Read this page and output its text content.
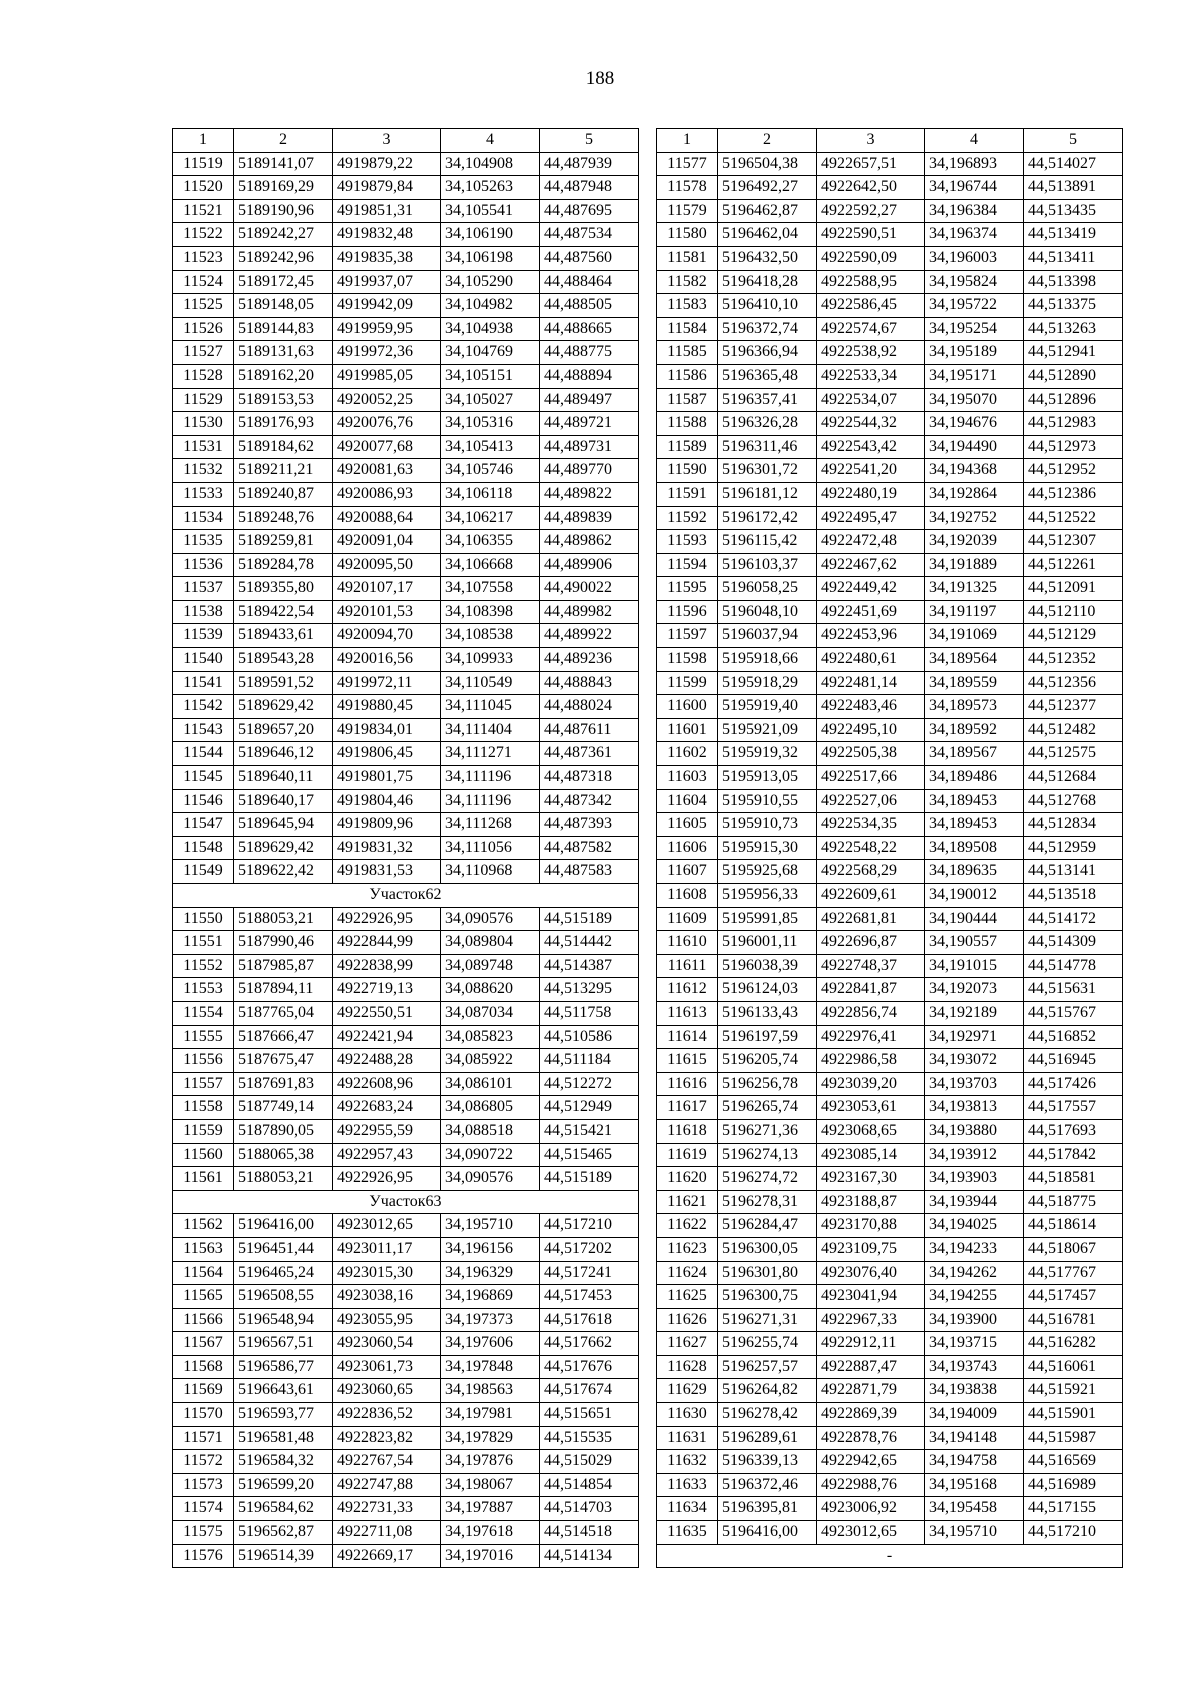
188
1	2	3	4	5
11519	5189141,07	4919879,22	34,104908	44,487939
11520	5189169,29	4919879,84	34,105263	44,487948
11521	5189190,96	4919851,31	34,105541	44,487695
11522	5189242,27	4919832,48	34,106190	44,487534
11523	5189242,96	4919835,38	34,106198	44,487560
11524	5189172,45	4919937,07	34,105290	44,488464
11525	5189148,05	4919942,09	34,104982	44,488505
11526	5189144,83	4919959,95	34,104938	44,488665
11527	5189131,63	4919972,36	34,104769	44,488775
11528	5189162,20	4919985,05	34,105151	44,488894
11529	5189153,53	4920052,25	34,105027	44,489497
11530	5189176,93	4920076,76	34,105316	44,489721
11531	5189184,62	4920077,68	34,105413	44,489731
11532	5189211,21	4920081,63	34,105746	44,489770
11533	5189240,87	4920086,93	34,106118	44,489822
11534	5189248,76	4920088,64	34,106217	44,489839
11535	5189259,81	4920091,04	34,106355	44,489862
11536	5189284,78	4920095,50	34,106668	44,489906
11537	5189355,80	4920107,17	34,107558	44,490022
11538	5189422,54	4920101,53	34,108398	44,489982
11539	5189433,61	4920094,70	34,108538	44,489922
11540	5189543,28	4920016,56	34,109933	44,489236
11541	5189591,52	4919972,11	34,110549	44,488843
11542	5189629,42	4919880,45	34,111045	44,488024
11543	5189657,20	4919834,01	34,111404	44,487611
11544	5189646,12	4919806,45	34,111271	44,487361
11545	5189640,11	4919801,75	34,111196	44,487318
11546	5189640,17	4919804,46	34,111196	44,487342
11547	5189645,94	4919809,96	34,111268	44,487393
11548	5189629,42	4919831,32	34,111056	44,487582
11549	5189622,42	4919831,53	34,110968	44,487583
Участок62				
11550	5188053,21	4922926,95	34,090576	44,515189
11551	5187990,46	4922844,99	34,089804	44,514442
11552	5187985,87	4922838,99	34,089748	44,514387
11553	5187894,11	4922719,13	34,088620	44,513295
11554	5187765,04	4922550,51	34,087034	44,511758
11555	5187666,47	4922421,94	34,085823	44,510586
11556	5187675,47	4922488,28	34,085922	44,511184
11557	5187691,83	4922608,96	34,086101	44,512272
11558	5187749,14	4922683,24	34,086805	44,512949
11559	5187890,05	4922955,59	34,088518	44,515421
11560	5188065,38	4922957,43	34,090722	44,515465
11561	5188053,21	4922926,95	34,090576	44,515189
Участок63				
11562	5196416,00	4923012,65	34,195710	44,517210
11563	5196451,44	4923011,17	34,196156	44,517202
11564	5196465,24	4923015,30	34,196329	44,517241
11565	5196508,55	4923038,16	34,196869	44,517453
11566	5196548,94	4923055,95	34,197373	44,517618
11567	5196567,51	4923060,54	34,197606	44,517662
11568	5196586,77	4923061,73	34,197848	44,517676
11569	5196643,61	4923060,65	34,198563	44,517674
11570	5196593,77	4922836,52	34,197981	44,515651
11571	5196581,48	4922823,82	34,197829	44,515535
11572	5196584,32	4922767,54	34,197876	44,515029
11573	5196599,20	4922747,88	34,198067	44,514854
11574	5196584,62	4922731,33	34,197887	44,514703
11575	5196562,87	4922711,08	34,197618	44,514518
11576	5196514,39	4922669,17	34,197016	44,514134
1	2	3	4	5
11577	5196504,38	4922657,51	34,196893	44,514027
11578	5196492,27	4922642,50	34,196744	44,513891
11579	5196462,87	4922592,27	34,196384	44,513435
11580	5196462,04	4922590,51	34,196374	44,513419
11581	5196432,50	4922590,09	34,196003	44,513411
11582	5196418,28	4922588,95	34,195824	44,513398
11583	5196410,10	4922586,45	34,195722	44,513375
11584	5196372,74	4922574,67	34,195254	44,513263
11585	5196366,94	4922538,92	34,195189	44,512941
11586	5196365,48	4922533,34	34,195171	44,512890
11587	5196357,41	4922534,07	34,195070	44,512896
11588	5196326,28	4922544,32	34,194676	44,512983
11589	5196311,46	4922543,42	34,194490	44,512973
11590	5196301,72	4922541,20	34,194368	44,512952
11591	5196181,12	4922480,19	34,192864	44,512386
11592	5196172,42	4922495,47	34,192752	44,512522
11593	5196115,42	4922472,48	34,192039	44,512307
11594	5196103,37	4922467,62	34,191889	44,512261
11595	5196058,25	4922449,42	34,191325	44,512091
11596	5196048,10	4922451,69	34,191197	44,512110
11597	5196037,94	4922453,96	34,191069	44,512129
11598	5195918,66	4922480,61	34,189564	44,512352
11599	5195918,29	4922481,14	34,189559	44,512356
11600	5195919,40	4922483,46	34,189573	44,512377
11601	5195921,09	4922495,10	34,189592	44,512482
11602	5195919,32	4922505,38	34,189567	44,512575
11603	5195913,05	4922517,66	34,189486	44,512684
11604	5195910,55	4922527,06	34,189453	44,512768
11605	5195910,73	4922534,35	34,189453	44,512834
11606	5195915,30	4922548,22	34,189508	44,512959
11607	5195925,68	4922568,29	34,189635	44,513141
11608	5195956,33	4922609,61	34,190012	44,513518
11609	5195991,85	4922681,81	34,190444	44,514172
11610	5196001,11	4922696,87	34,190557	44,514309
11611	5196038,39	4922748,37	34,191015	44,514778
11612	5196124,03	4922841,87	34,192073	44,515631
11613	5196133,43	4922856,74	34,192189	44,515767
11614	5196197,59	4922976,41	34,192971	44,516852
11615	5196205,74	4922986,58	34,193072	44,516945
11616	5196256,78	4923039,20	34,193703	44,517426
11617	5196265,74	4923053,61	34,193813	44,517557
11618	5196271,36	4923068,65	34,193880	44,517693
11619	5196274,13	4923085,14	34,193912	44,517842
11620	5196274,72	4923167,30	34,193903	44,518581
11621	5196278,31	4923188,87	34,193944	44,518775
11622	5196284,47	4923170,88	34,194025	44,518614
11623	5196300,05	4923109,75	34,194233	44,518067
11624	5196301,80	4923076,40	34,194262	44,517767
11625	5196300,75	4923041,94	34,194255	44,517457
11626	5196271,31	4922967,33	34,193900	44,516781
11627	5196255,74	4922912,11	34,193715	44,516282
11628	5196257,57	4922887,47	34,193743	44,516061
11629	5196264,82	4922871,79	34,193838	44,515921
11630	5196278,42	4922869,39	34,194009	44,515901
11631	5196289,61	4922878,76	34,194148	44,515987
11632	5196339,13	4922942,65	34,194758	44,516569
11633	5196372,46	4922988,76	34,195168	44,516989
11634	5196395,81	4923006,92	34,195458	44,517155
11635	5196416,00	4923012,65	34,195710	44,517210
-				
